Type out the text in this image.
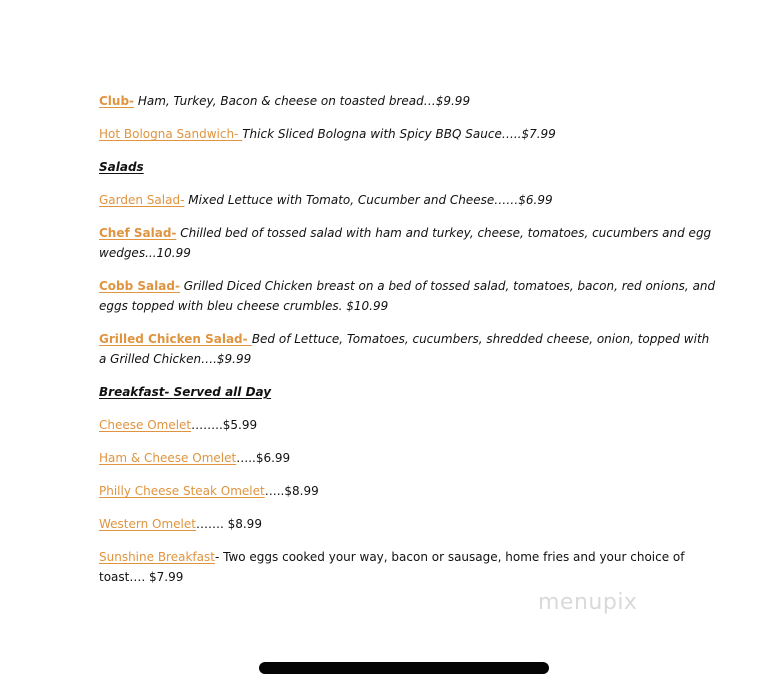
Club- Ham, Turkey, Bacon & cheese on toasted bread…$9.99

Hot Bologna Sandwich- Thick Sliced Bologna with Spicy BBQ Sauce…..$7.99

Salads

Garden Salad- Mixed Lettuce with Tomato, Cucumber and Cheese……$6.99

Chef Salad- Chilled bed of tossed salad with ham and turkey, cheese, tomatoes, cucumbers and egg wedges...10.99

Cobb Salad- Grilled Diced Chicken breast on a bed of tossed salad, tomatoes, bacon, red onions, and eggs topped with bleu cheese crumbles. $10.99

Grilled Chicken Salad- Bed of Lettuce, Tomatoes, cucumbers, shredded cheese, onion, topped with a Grilled Chicken….$9.99

Breakfast- Served all Day

Cheese Omelet……..$5.99

Ham & Cheese Omelet…..$6.99

Philly Cheese Steak Omelet…..$8.99

Western Omelet……. $8.99

Sunshine Breakfast- Two eggs cooked your way, bacon or sausage, home fries and your choice of toast…. $7.99

menupix
